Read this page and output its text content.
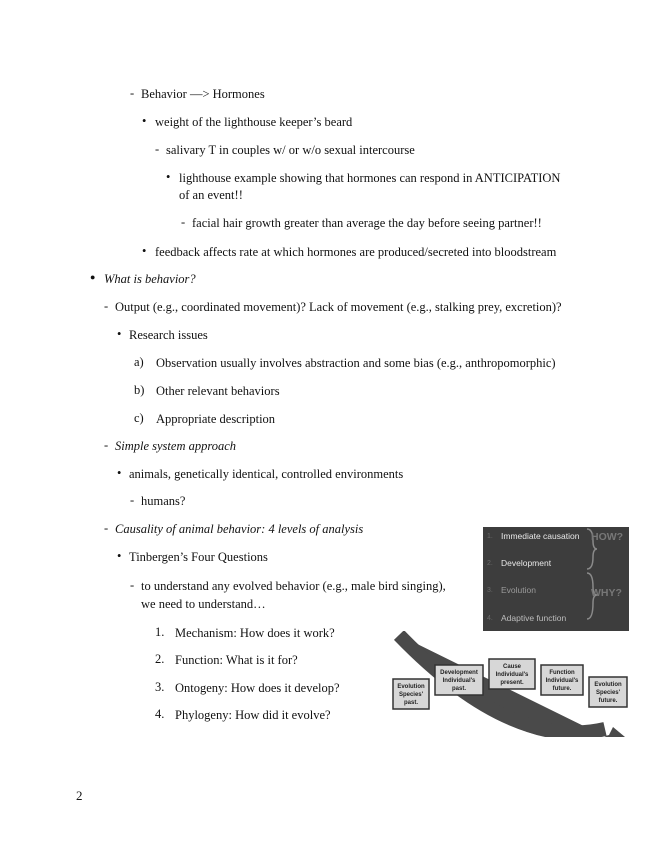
- Behavior —> Hormones
• weight of the lighthouse keeper’s beard
- salivary T in couples w/ or w/o sexual intercourse
• lighthouse example showing that hormones can respond in ANTICIPATION
of an event!!
- facial hair growth greater than average the day before seeing partner!!
• feedback affects rate at which hormones are produced/secreted into bloodstream
● What is behavior?
- Output (e.g., coordinated movement)? Lack of movement (e.g., stalking prey, excretion)?
• Research issues
a) Observation usually involves abstraction and some bias (e.g., anthropomorphic)
b) Other relevant behaviors
c) Appropriate description
- Simple system approach
• animals, genetically identical, controlled environments
- humans?
- Causality of animal behavior: 4 levels of analysis
• Tinbergen’s Four Questions
- to understand any evolved behavior (e.g., male bird singing),
we need to understand…
1. Mechanism: How does it work?
2. Function: What is it for?
3. Ontogeny: How does it develop?
4. Phylogeny: How did it evolve?
1. Immediate causation
2. Development
3. Evolution
4. Adaptive function
HOW?
WHY?
Evolution
Species'
past.
Development
Individual's
past.
Cause
Individual's
present.
Function
Individual's
future.
Evolution
Species'
future.
2
